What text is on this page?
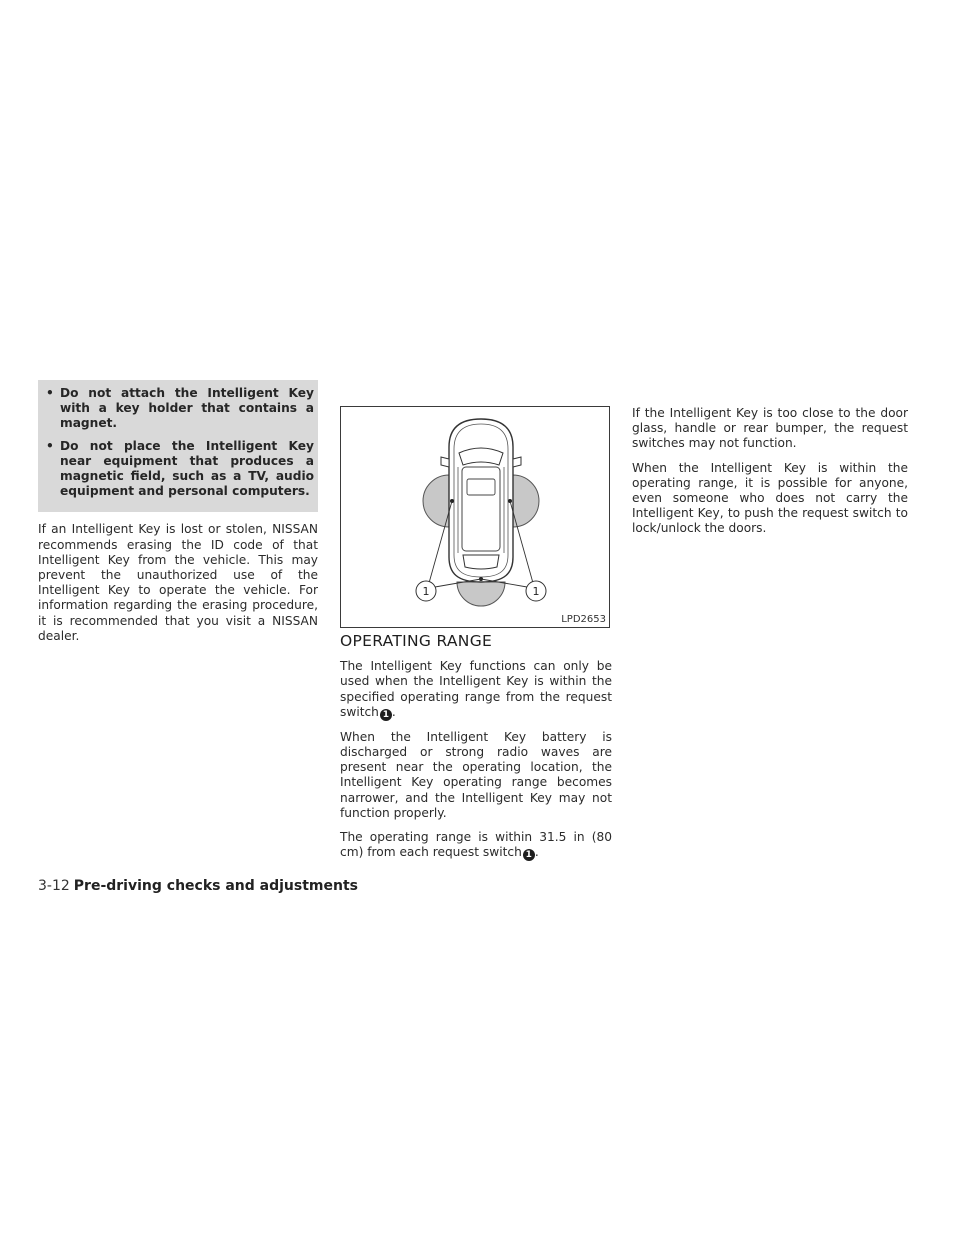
• Do not attach the Intelligent Key with a key holder that contains a magnet.
• Do not place the Intelligent Key near equipment that produces a magnetic field, such as a TV, audio equipment and personal computers.

If an Intelligent Key is lost or stolen, NISSAN recommends erasing the ID code of that Intelligent Key from the vehicle. This may prevent the unauthorized use of the Intelligent Key to operate the vehicle. For information regarding the erasing procedure, it is recommended that you visit a NISSAN dealer.

1	1
LPD2653
OPERATING RANGE

The Intelligent Key functions can only be used when the Intelligent Key is within the specified operating range from the request switch 1 .

When the Intelligent Key battery is discharged or strong radio waves are present near the operating location, the Intelligent Key operating range becomes narrower, and the Intelligent Key may not function properly.

The operating range is within 31.5 in (80 cm) from each request switch 1 .

If the Intelligent Key is too close to the door glass, handle or rear bumper, the request switches may not function.

When the Intelligent Key is within the operating range, it is possible for anyone, even someone who does not carry the Intelligent Key, to push the request switch to lock/unlock the doors.

3-12 Pre-driving checks and adjustments
